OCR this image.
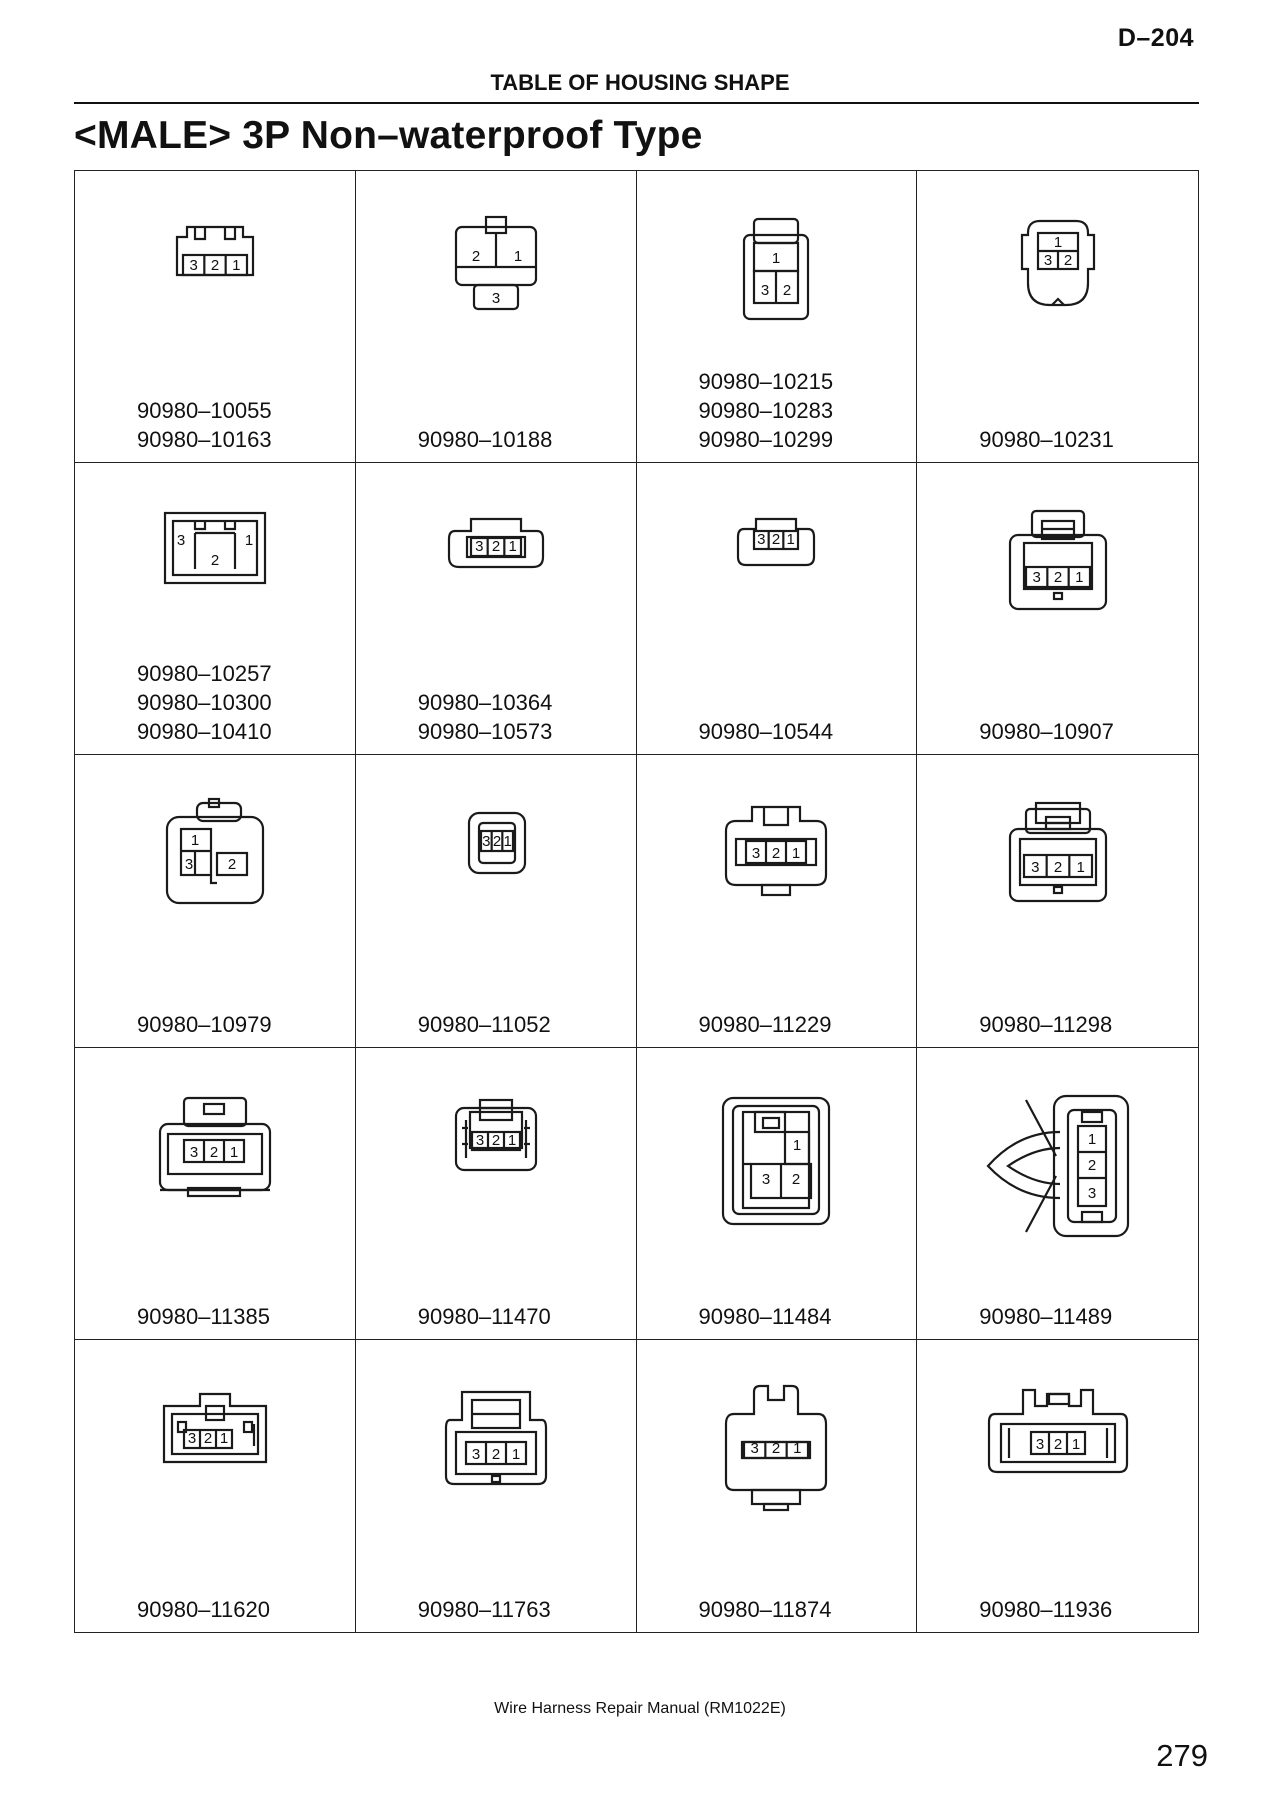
D–204
TABLE OF HOUSING SHAPE
<MALE> 3P Non–waterproof Type
3 2 1
90980–10055
90980–10163
2 1
3
90980–10188
1
3 2
90980–10215
90980–10283
90980–10299
1
3 2
90980–10231
3	1
2
90980–10257
90980–10300
90980–10410
3 2 1
90980–10364
90980–10573
3 2 1
90980–10544
3 2 1
90980–10907
1
3 2
90980–10979
3 2 1
90980–11052
3 2 1
90980–11229
3 2 1
90980–11298
3 2 1
90980–11385
3 2 1
90980–11470
1
3 2
90980–11484
1
2
3
90980–11489
3 2 1
90980–11620
3 2 1
90980–11763
3 2 1
90980–11874
3 2 1
90980–11936
Wire Harness Repair Manual (RM1022E)
279
